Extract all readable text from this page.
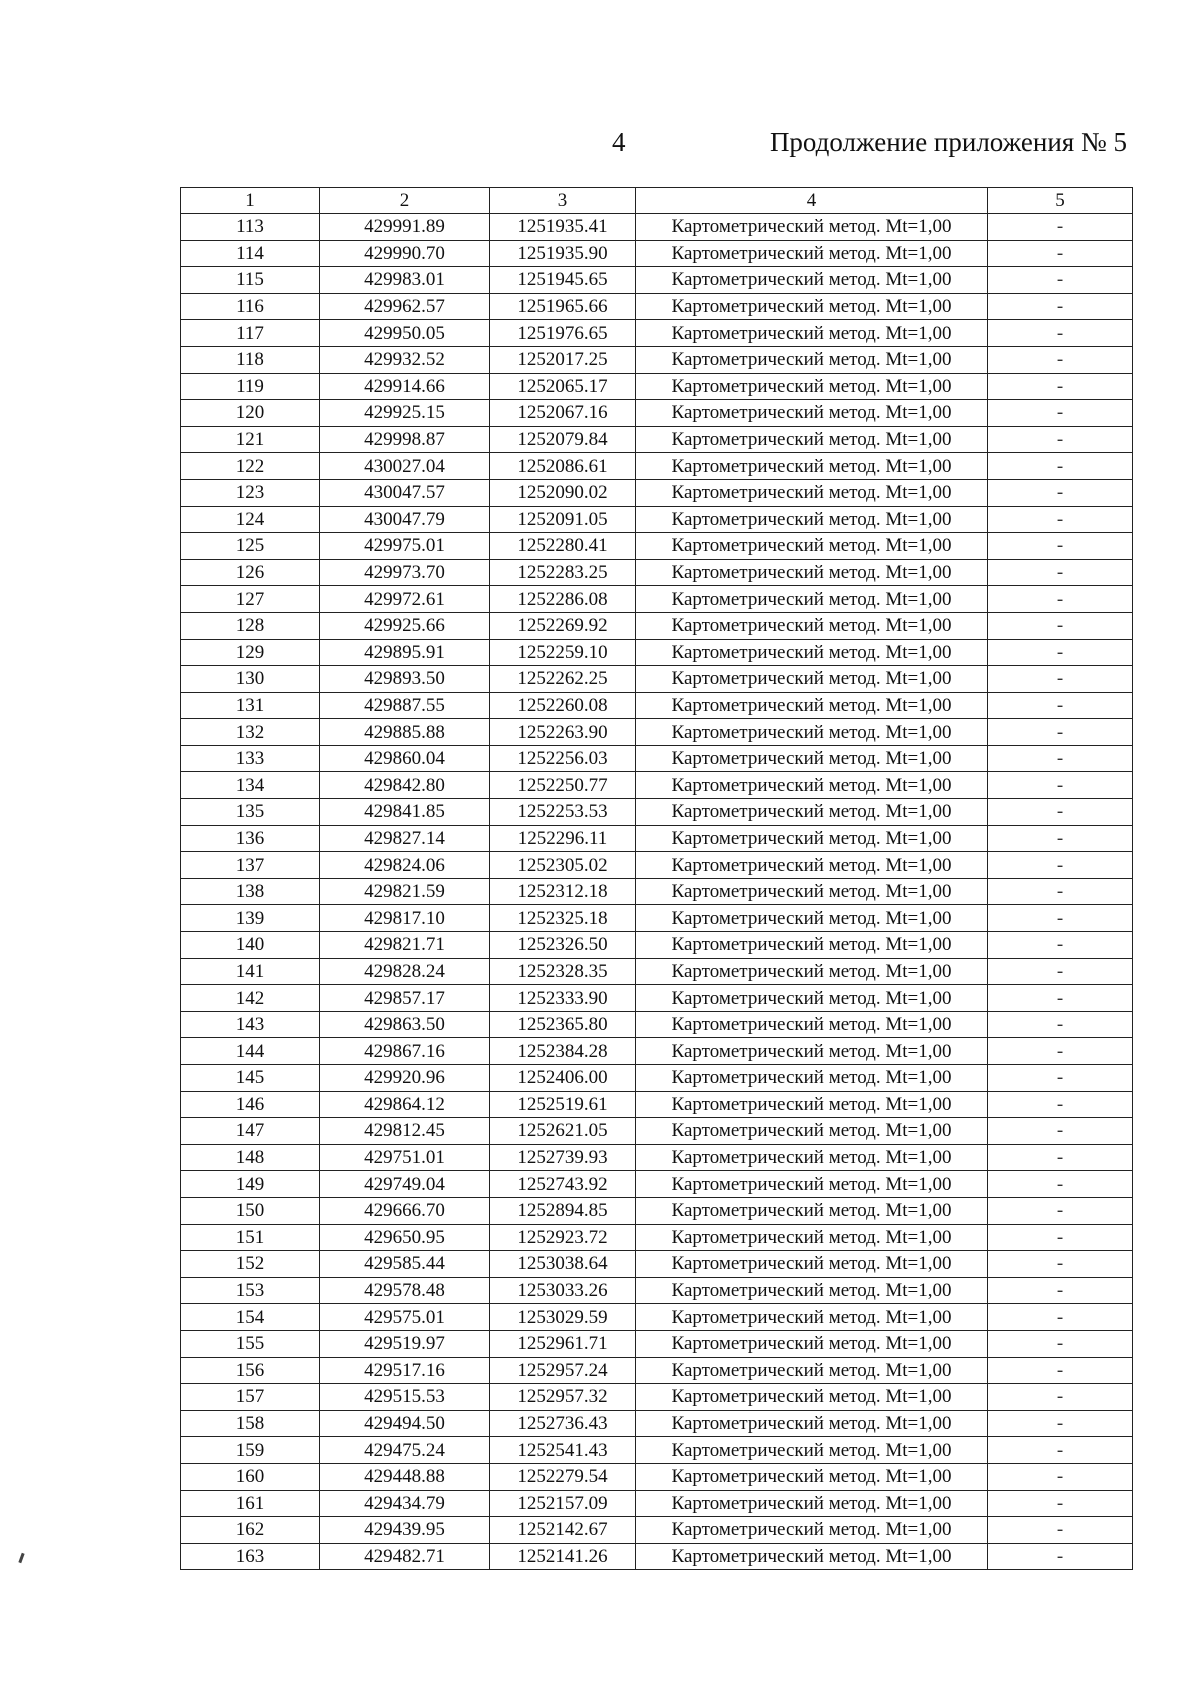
4	Продолжение приложения № 5
1	2	3	4	5
113	429991.89	1251935.41	Картометрический метод. Mt=1,00	-
114	429990.70	1251935.90	Картометрический метод. Mt=1,00	-
115	429983.01	1251945.65	Картометрический метод. Mt=1,00	-
116	429962.57	1251965.66	Картометрический метод. Mt=1,00	-
117	429950.05	1251976.65	Картометрический метод. Mt=1,00	-
118	429932.52	1252017.25	Картометрический метод. Mt=1,00	-
119	429914.66	1252065.17	Картометрический метод. Mt=1,00	-
120	429925.15	1252067.16	Картометрический метод. Mt=1,00	-
121	429998.87	1252079.84	Картометрический метод. Mt=1,00	-
122	430027.04	1252086.61	Картометрический метод. Mt=1,00	-
123	430047.57	1252090.02	Картометрический метод. Mt=1,00	-
124	430047.79	1252091.05	Картометрический метод. Mt=1,00	-
125	429975.01	1252280.41	Картометрический метод. Mt=1,00	-
126	429973.70	1252283.25	Картометрический метод. Mt=1,00	-
127	429972.61	1252286.08	Картометрический метод. Mt=1,00	-
128	429925.66	1252269.92	Картометрический метод. Mt=1,00	-
129	429895.91	1252259.10	Картометрический метод. Mt=1,00	-
130	429893.50	1252262.25	Картометрический метод. Mt=1,00	-
131	429887.55	1252260.08	Картометрический метод. Mt=1,00	-
132	429885.88	1252263.90	Картометрический метод. Mt=1,00	-
133	429860.04	1252256.03	Картометрический метод. Mt=1,00	-
134	429842.80	1252250.77	Картометрический метод. Mt=1,00	-
135	429841.85	1252253.53	Картометрический метод. Mt=1,00	-
136	429827.14	1252296.11	Картометрический метод. Mt=1,00	-
137	429824.06	1252305.02	Картометрический метод. Mt=1,00	-
138	429821.59	1252312.18	Картометрический метод. Mt=1,00	-
139	429817.10	1252325.18	Картометрический метод. Mt=1,00	-
140	429821.71	1252326.50	Картометрический метод. Mt=1,00	-
141	429828.24	1252328.35	Картометрический метод. Mt=1,00	-
142	429857.17	1252333.90	Картометрический метод. Mt=1,00	-
143	429863.50	1252365.80	Картометрический метод. Mt=1,00	-
144	429867.16	1252384.28	Картометрический метод. Mt=1,00	-
145	429920.96	1252406.00	Картометрический метод. Mt=1,00	-
146	429864.12	1252519.61	Картометрический метод. Mt=1,00	-
147	429812.45	1252621.05	Картометрический метод. Mt=1,00	-
148	429751.01	1252739.93	Картометрический метод. Mt=1,00	-
149	429749.04	1252743.92	Картометрический метод. Mt=1,00	-
150	429666.70	1252894.85	Картометрический метод. Mt=1,00	-
151	429650.95	1252923.72	Картометрический метод. Mt=1,00	-
152	429585.44	1253038.64	Картометрический метод. Mt=1,00	-
153	429578.48	1253033.26	Картометрический метод. Mt=1,00	-
154	429575.01	1253029.59	Картометрический метод. Mt=1,00	-
155	429519.97	1252961.71	Картометрический метод. Mt=1,00	-
156	429517.16	1252957.24	Картометрический метод. Mt=1,00	-
157	429515.53	1252957.32	Картометрический метод. Mt=1,00	-
158	429494.50	1252736.43	Картометрический метод. Mt=1,00	-
159	429475.24	1252541.43	Картометрический метод. Mt=1,00	-
160	429448.88	1252279.54	Картометрический метод. Mt=1,00	-
161	429434.79	1252157.09	Картометрический метод. Mt=1,00	-
162	429439.95	1252142.67	Картометрический метод. Mt=1,00	-
163	429482.71	1252141.26	Картометрический метод. Mt=1,00	-
